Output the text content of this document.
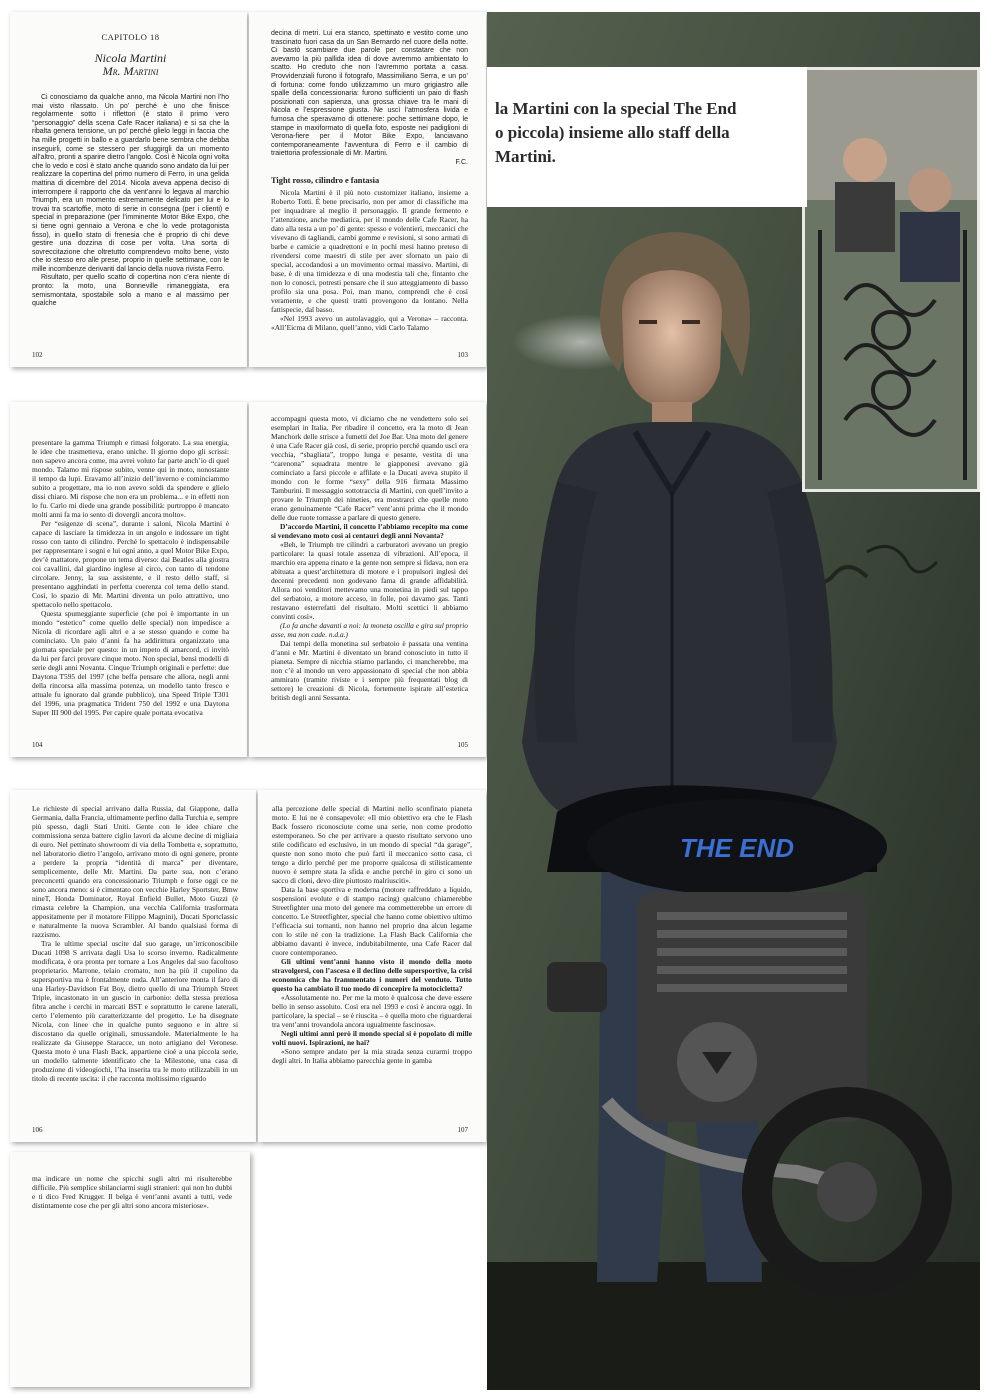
CAPITOLO 18
Nicola Martini
Mr. Martini

Ci conosciamo da qualche anno, ma Nicola Martini non l’ho mai visto rilassato. Un po’ perché è uno che finisce regolarmente sotto i riflettori (è stato il primo vero “personaggio” della scena Cafe Racer italiana) e si sa che la ribalta genera tensione, un po’ perché glielo leggi in faccia che ha mille progetti in ballo e a guardarlo bene sembra che debba inseguirli, come se stessero per sfuggirgli da un momento all’altro, pronti a sparire dietro l’angolo. Così è Nicola ogni volta che lo vedo e così è stato anche quando sono andato da lui per realizzare la copertina del primo numero di Ferro, in una gelida mattina di dicembre del 2014. Nicola aveva appena deciso di interrompere il rapporto che da vent’anni lo legava al marchio Triumph, era un momento estremamente delicato per lui e lo trovai tra scartoffie, moto di serie in consegna (per i clienti) e special in preparazione (per l’imminente Motor Bike Expo, che si tiene ogni gennaio a Verona e che lo vede protagonista fisso), in quello stato di frenesia che è proprio di chi deve gestire una dozzina di cose per volta. Una sorta di sovreccitazione che oltretutto comprendevo molto bene, visto che io stesso ero alle prese, proprio in quelle settimane, con le mille incombenze derivanti dal lancio della nuova rivista Ferro.

Risultato, per quello scatto di copertina non c’era niente di pronto: la moto, una Bonneville rimaneggiata, era semismontata, spostabile solo a mano e al massimo per qualche

102

decina di metri. Lui era stanco, spettinato e vestito come uno trascinato fuori casa da un San Bernardo nel cuore della notte. Ci bastò scambiare due parole per constatare che non avevamo la più pallida idea di dove avremmo ambientato lo scatto. Ho creduto che non l’avremmo portata a casa. Provvidenziali furono il fotografo, Massimiliano Serra, e un po’ di fortuna: come fondo utilizzammo un muro grigiastro alle spalle della concessionaria: furono sufficienti un paio di flash posizionati con sapienza, una grossa chiave tra le mani di Nicola e l’espressione giusta. Ne uscì l’atmosfera livida e fumosa che speravamo di ottenere: poche settimane dopo, le stampe in maxiformato di quella foto, esposte nei padiglioni di Verona-fiere per il Motor Bike Expo, lanciavano contemporaneamente l’avventura di Ferro e il cambio di traiettoria professionale di Mr. Martini.

F.C.
Tight rosso, cilindro e fantasia

Nicola Martini è il più noto customizer italiano, insieme a Roberto Totti. È bene precisarlo, non per amor di classifiche ma per inquadrare al meglio il personaggio. Il grande fermento e l’attenzione, anche mediatica, per il mondo delle Cafe Racer, ha dato alla testa a un po’ di gente: spesso e volentieri, meccanici che vivevano di tagliandi, cambi gomme e revisioni, si sono armati di barbe e camicie a quadrettoni e in pochi mesi hanno preteso di rivendersi come maestri di stile per aver sfornato un paio di special, accodandosi a un movimento ormai massivo. Martini, di base, è di una timidezza e di una modestia tali che, fintanto che non lo conosci, potresti pensare che il suo atteggiamento di basso profilo sia una posa. Poi, man mano, comprendi che è così veramente, e che questi tratti provengono da lontano. Nella fattispecie, dal basso.

«Nel 1993 avevo un autolavaggio, qui a Verona» – racconta. «All’Eicma di Milano, quell’anno, vidi Carlo Talamo

103

presentare la gamma Triumph e rimasi folgorato. La sua energia, le idee che trasmetteva, erano uniche. Il giorno dopo gli scrissi: non sapevo ancora come, ma avrei voluto far parte anch’io di quel mondo. Talamo mi rispose subito, venne qui in moto, nonostante il tempo da lupi. Eravamo all’inizio dell’inverno e cominciammo subito a progettare, ma io non avevo soldi da spendere e glielo dissi chiaro. Mi rispose che non era un problema... e in effetti non lo fu. Carlo mi diede una grande possibilità: purtroppo è mancato molti anni fa ma io sento di dovergli ancora molto».

Per “esigenze di scena”, durante i saloni, Nicola Martini è capace di lasciare la timidezza in un angolo e indossare un tight rosso con tanto di cilindro. Perché lo spettacolo è indispensabile per rappresentare i sogni e lui ogni anno, a quel Motor Bike Expo, dev’è mattatore, propone un tema diverso: dai Beatles alla giostra coi cavallini, dal giardino inglese al circo, con tanto di tendone circolare. Jenny, la sua assistente, e il resto dello staff, si presentano agghindati in perfetta coerenza col tema dello stand. Così, lo spazio di Mr. Martini diventa un polo attrattivo, uno spettacolo nello spettacolo.

Questa spumeggiante superficie (che poi è importante in un mondo “estetico” come quello delle special) non impedisce a Nicola di ricordare agli altri e a se stesso quando e come ha cominciato. Un paio d’anni fa ha addirittura organizzato una giornata speciale per questo: in un impeto di amarcord, ci invitò da lui per farci provare cinque moto. Non special, bensì modelli di serie degli anni Novanta. Cinque Triumph originali e perfette: due Daytona T595 del 1997 (che beffa pensare che allora, negli anni della rincorsa alla massima potenza, un modello tanto fresco e attuale fu ignorato dal grande pubblico), una Speed Triple T301 del 1996, una pragmatica Trident 750 del 1992 e una Daytona Super III 900 del 1995. Per capire quale portata evocativa

104

accompagni questa moto, vi diciamo che ne vendettero solo sei esemplari in Italia. Per ribadire il concetto, era la moto di Jean Manchork delle strisce a fumetti del Joe Bar. Una moto del genere è una Cafe Racer già così, di serie, proprio perché quando uscì era vecchia, “sbagliata”, troppo lunga e pesante, vestita di una “carenona” squadrata mentre le giapponesi avevano già cominciato a farsi piccole e affilate e la Ducati aveva stupito il mondo con le forme “sexy” della 916 firmata Massimo Tamburini. Il messaggio sottotraccia di Martini, con quell’invito a provare le Triumph dei nineties, era mostrarci che quelle moto erano genuinamente “Cafe Racer” vent’anni prima che il mondo delle due ruote tornasse a parlare di questo genere.

D’accordo Martini, il concetto l’abbiamo recepito ma come si vendevano moto così ai centauri degli anni Novanta?

«Beh, le Triumph tre cilindri a carburatori avevano un pregio particolare: la quasi totale assenza di vibrazioni. All’epoca, il marchio era appena rinato e la gente non sempre si fidava, non era abituata a quest’architettura di motore e i propulsori inglesi dei decenni precedenti non godevano fama di grande affidabilità. Allora noi venditori mettevamo una monetina in piedi sul tappo del serbatoio, a motore acceso, in folle, poi davamo gas. Tanti restavano esterrefatti del risultato. Molti scettici li abbiamo convinti così».

(Lo fa anche davanti a noi: la moneta oscilla e gira sul proprio asse, ma non cade. n.d.a.)

Dai tempi della monetina sul serbatoio è passata una ventina d’anni e Mr. Martini è diventato un brand conosciuto in tutto il pianeta. Sempre di nicchia stiamo parlando, ci mancherebbe, ma non c’è al mondo un vero appassionato di special che non abbia ammirato (tramite riviste e i sempre più frequentati blog di settore) le creazioni di Nicola, fortemente ispirate all’estetica british degli anni Sessanta.

105

Le richieste di special arrivano dalla Russia, dal Giappone, dalla Germania, dalla Francia, ultimamente perfino dalla Turchia e, sempre più spesso, dagli Stati Uniti. Gente con le idee chiare che commissiona senza battere ciglio lavori da alcune decine di migliaia di euro. Nel pettinato showroom di via della Tombetta e, soprattutto, nel laboratorio dietro l’angolo, arrivano moto di ogni genere, pronte a perdere la propria “identità di marca” per diventare, semplicemente, delle Mr. Martini. Da parte sua, non c’erano preconcetti quando era concessionario Triumph e forse oggi ce ne sono ancora meno: si è cimentato con vecchie Harley Sportster, Bmw nineT, Honda Dominator, Royal Enfield Bullet, Moto Guzzi (è rimasta celebre la Champion, una vecchia California trasformata appositamente per il motatore Filippo Magnini), Ducati Sportclassic e naturalmente la nuova Scrambler. Al bando qualsiasi forma di razzismo.

Tra le ultime special uscite dal suo garage, un’irriconoscibile Ducati 1098 S arrivata dagli Usa lo scorso inverno. Radicalmente modificata, è ora pronta per tornare a Los Angeles dal suo facoltoso proprietario. Marrone, telaio cromato, non ha più il cupolino da supersportiva ma è frontalmente nuda. All’anteriore monta il faro di una Harley-Davidson Fat Boy, dietro quello di una Triumph Street Triple, incastonato in un guscio in carbonio: della stessa preziosa fibra anche i cerchi in marcati BST e soprattutto le carene laterali, certo l’elemento più caratterizzante del progetto. Le ha disegnate Nicola, con linee che in qualche punto seguono e in altre si discostano da quelle originali, smussandole. Materialmente le ha realizzate da Giuseppe Staracce, un noto artigiano del Veronese. Questa moto è una Flash Back, appartiene cioè a una piccola serie, un modello talmente identificato che la Milestone, una casa di produzione di videogiochi, l’ha inserita tra le moto utilizzabili in un titolo di recente uscita: il che racconta moltissimo riguardo

106

alla percezione delle special di Martini nello sconfinato pianeta moto. E lui ne è consapevole: «Il mio obiettivo era che le Flash Back fossero riconosciute come una serie, non come prodotto estemporaneo. So che per arrivare a questo risultato servono uno stile codificato ed esclusivo, in un mondo di special “da garage”, queste non sono moto che può farti il meccanico sotto casa, ci tengo a dirlo perché per me proporre qualcosa di stilisticamente nuovo è sempre stata la sfida e anche perché in giro ci sono un sacco di cloni, devo dire piuttosto malriusciti».

Data la base sportiva e moderna (motore raffreddato a liquido, sospensioni evolute e di stampo racing) qualcuno chiamerebbe Streetfighter una moto del genere ma commetterebbe un errore di concetto. Le Streetfighter, special che hanno come obiettivo ultimo l’efficacia sui tornanti, non hanno nel proprio dna alcun legame con lo stile né con la tradizione. La Flash Back California che abbiamo davanti è invece, indubitabilmente, una Cafe Racer dal cuore contemporaneo.

Gli ultimi vent’anni hanno visto il mondo della moto stravolgersi, con l’ascesa e il declino delle supersportive, la crisi economica che ha frammentato i numeri del venduto. Tutto questo ha cambiato il tuo modo di concepire la motocicletta?

«Assolutamente no. Per me la moto è qualcosa che deve essere bello in senso assoluto. Così era nel 1993 e così è ancora oggi. In particolare, la special – se è riuscita – è quella moto che riguarderai tra vent’anni trovandola ancora ugualmente fascinosa».

Negli ultimi anni però il mondo special si è popolato di mille volti nuovi. Ispirazioni, ne hai?

«Sono sempre andato per la mia strada senza curarmi troppo degli altri. In Italia abbiamo parecchia gente in gamba

107

ma indicare un nome che spicchi sugli altri mi risulterebbe difficile. Più semplice sbilanciarmi sugli stranieri: qui non ho dubbi e ti dico Fred Krugger. Il belga è vent’anni avanti a tutti, vede distintamente cose che per gli altri sono ancora misteriose».

THE END
la Martini con la special The End
o piccola) insieme allo staff della
Martini.
